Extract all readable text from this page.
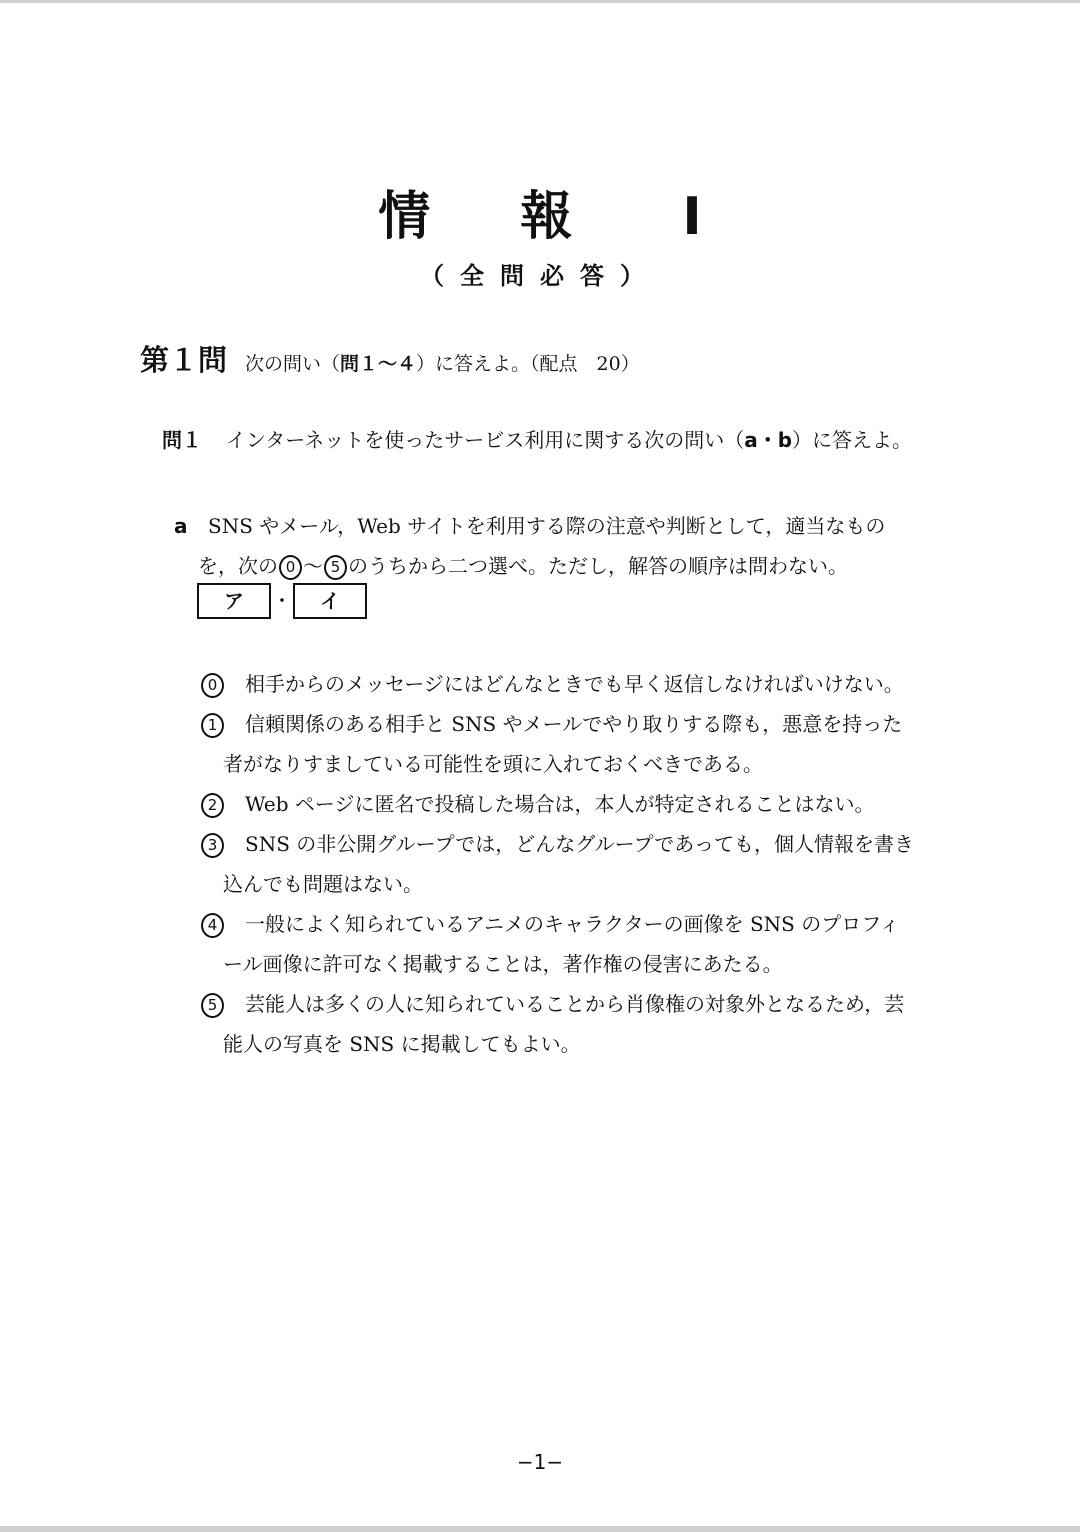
情 報 Ⅰ
（全問必答）
第１問 次の問い（問１～４）に答えよ。（配点　20）
問１ インターネットを使ったサービス利用に関する次の問い（a・b）に答えよ。
a SNS やメール，Web サイトを利用する際の注意や判断として，適当なもの
を，次の 0 ～ 5 のうちから二つ選べ。ただし，解答の順序は問わない。
ア ・ イ
0	相手からのメッセージにはどんなときでも早く返信しなければいけない。
1	信頼関係のある相手と SNS やメールでやり取りする際も，悪意を持った
者がなりすましている可能性を頭に入れておくべきである。
2	Web ページに匿名で投稿した場合は，本人が特定されることはない。
3	SNS の非公開グループでは，どんなグループであっても，個人情報を書き
込んでも問題はない。
4	一般によく知られているアニメのキャラクターの画像を SNS のプロフィ
ール画像に許可なく掲載することは，著作権の侵害にあたる。
5	芸能人は多くの人に知られていることから肖像権の対象外となるため，芸
能人の写真を SNS に掲載してもよい。
−1−
